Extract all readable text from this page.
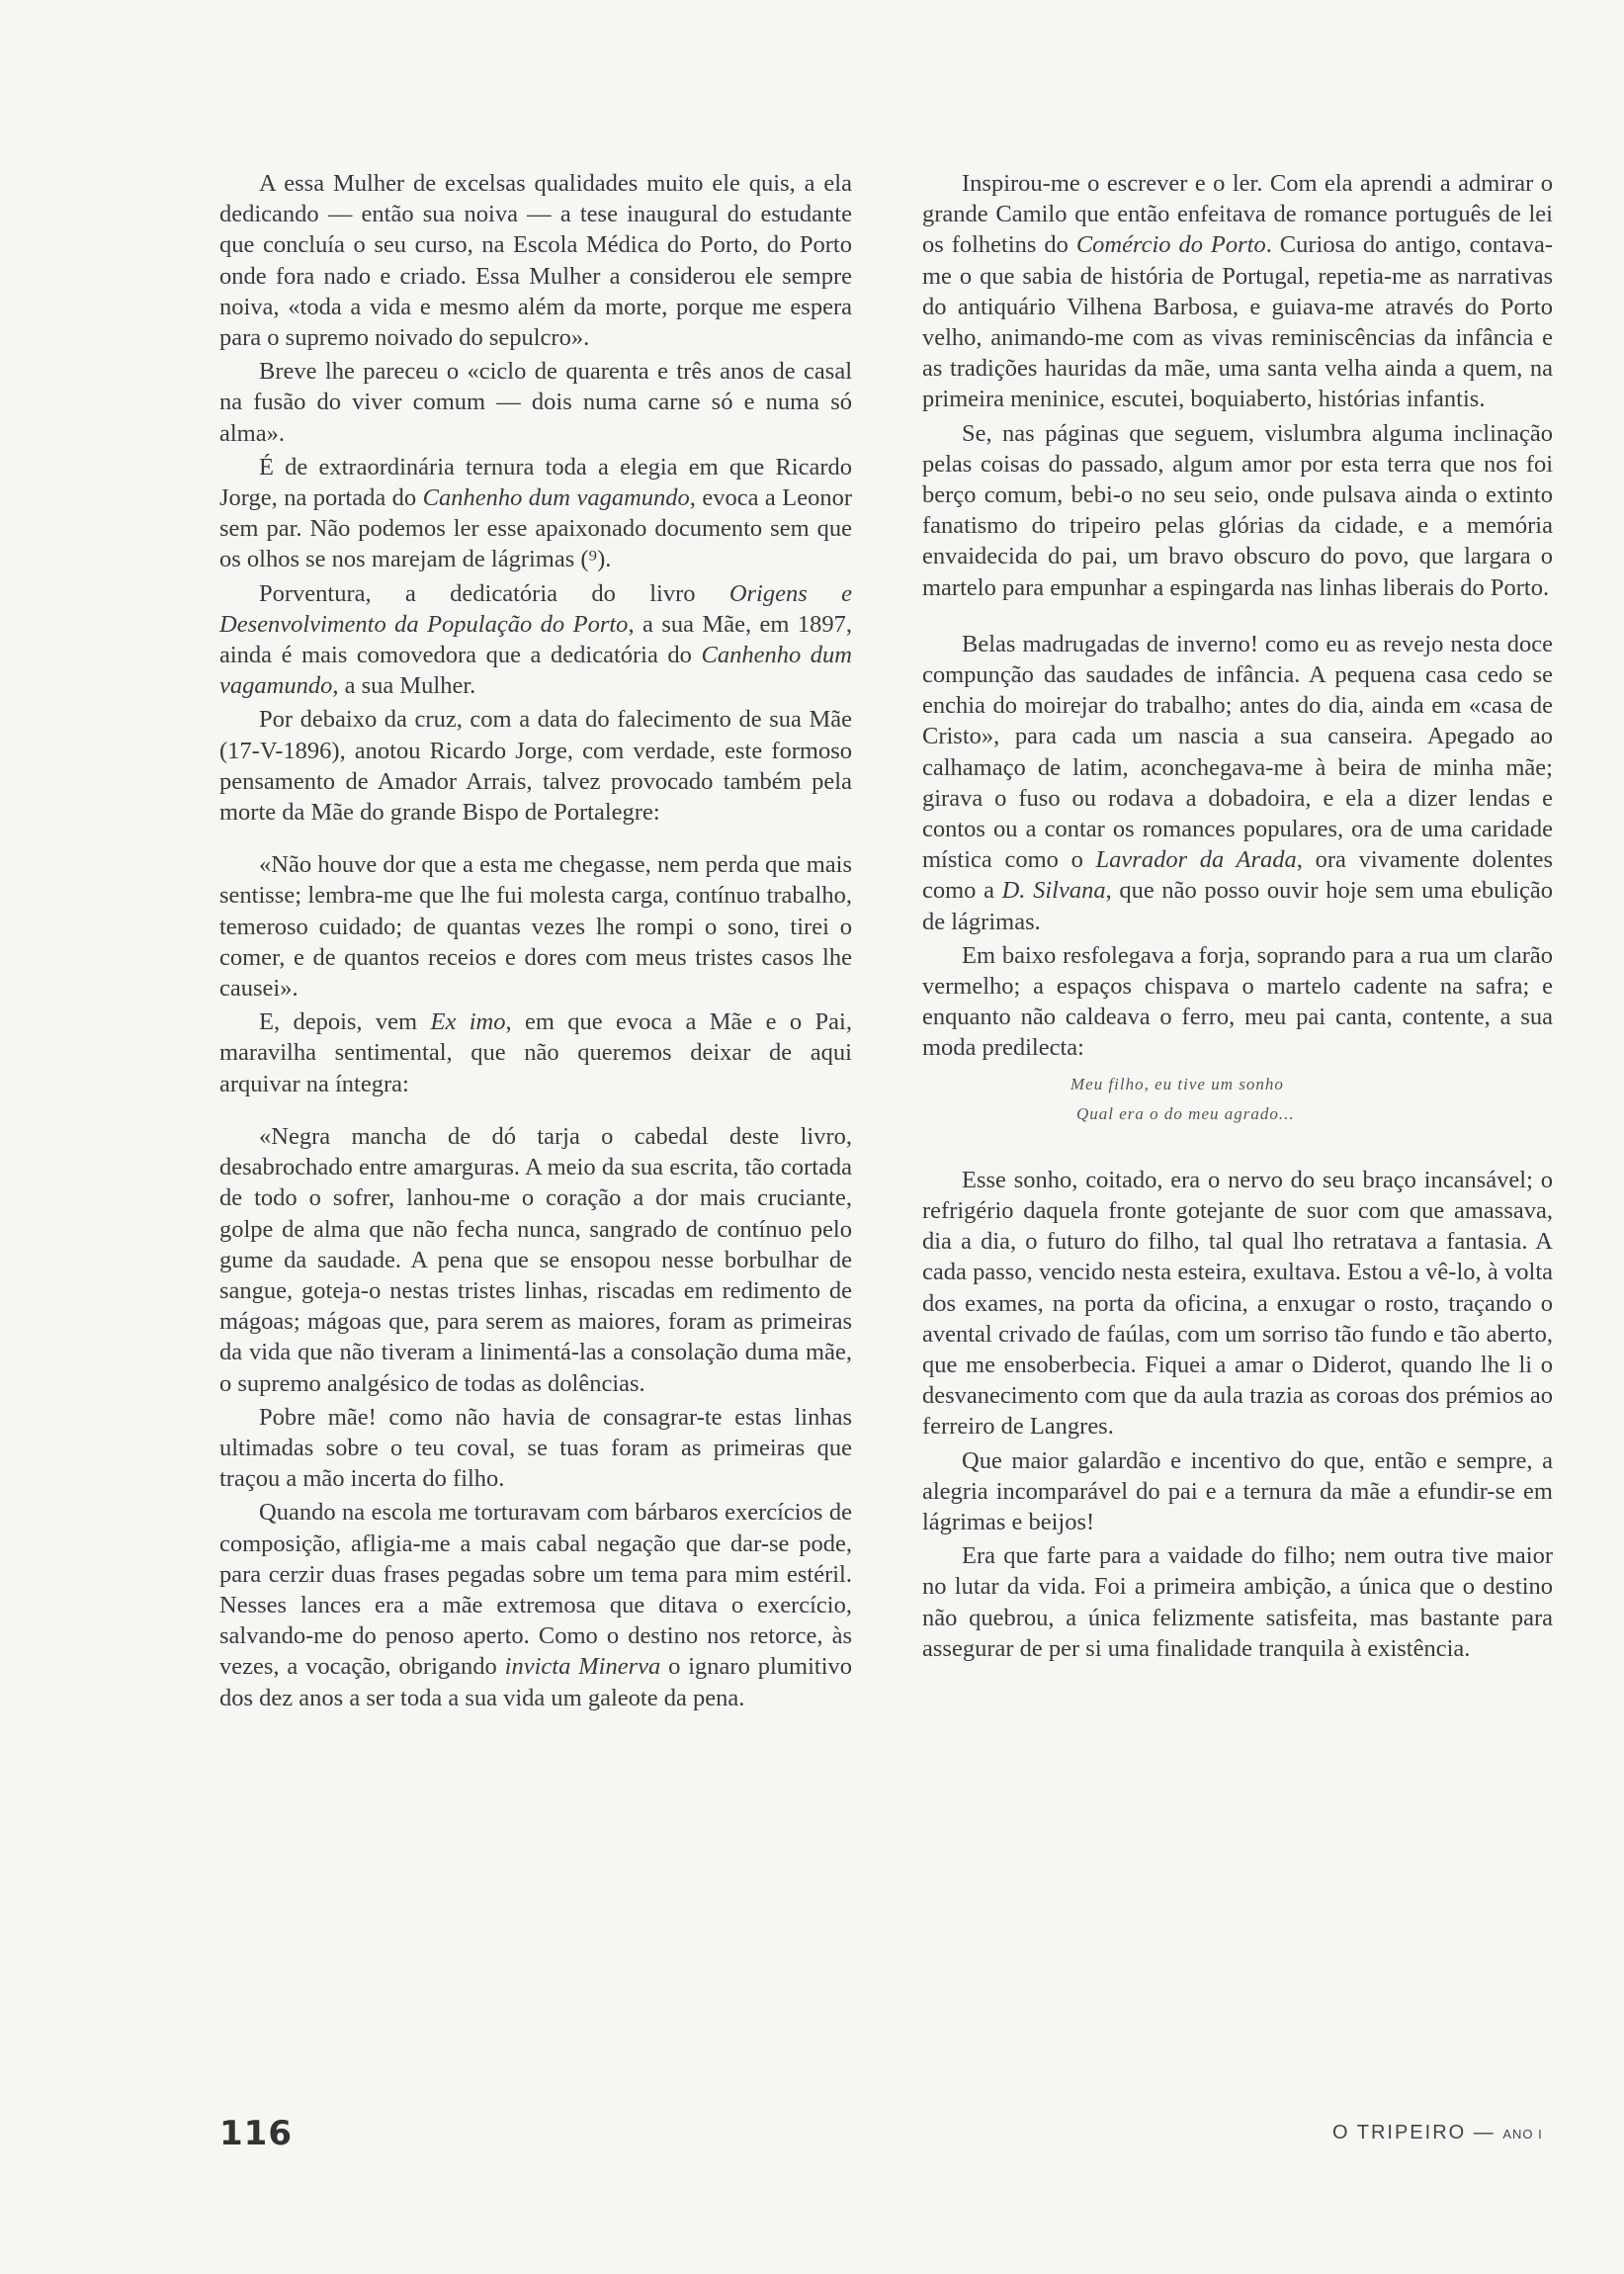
A essa Mulher de excelsas qualidades muito ele quis, a ela dedicando — então sua noiva — a tese inaugural do estudante que concluía o seu curso, na Escola Médica do Porto, do Porto onde fora nado e criado. Essa Mulher a considerou ele sempre noiva, «toda a vida e mesmo além da morte, porque me espera para o supremo noivado do sepulcro».

Breve lhe pareceu o «ciclo de quarenta e três anos de casal na fusão do viver comum — dois numa carne só e numa só alma».

É de extraordinária ternura toda a elegia em que Ricardo Jorge, na portada do Canhenho dum vagamundo, evoca a Leonor sem par. Não podemos ler esse apaixonado documento sem que os olhos se nos marejam de lágrimas (⁹).

Porventura, a dedicatória do livro Origens e Desenvolvimento da População do Porto, a sua Mãe, em 1897, ainda é mais comovedora que a dedicatória do Canhenho dum vagamundo, a sua Mulher.

Por debaixo da cruz, com a data do falecimento de sua Mãe (17-V-1896), anotou Ricardo Jorge, com verdade, este formoso pensamento de Amador Arrais, talvez provocado também pela morte da Mãe do grande Bispo de Portalegre:

«Não houve dor que a esta me chegasse, nem perda que mais sentisse; lembra-me que lhe fui molesta carga, contínuo trabalho, temeroso cuidado; de quantas vezes lhe rompi o sono, tirei o comer, e de quantos receios e dores com meus tristes casos lhe causei».

E, depois, vem Ex imo, em que evoca a Mãe e o Pai, maravilha sentimental, que não queremos deixar de aqui arquivar na íntegra:

«Negra mancha de dó tarja o cabedal deste livro, desabrochado entre amarguras. A meio da sua escrita, tão cortada de todo o sofrer, lanhou-me o coração a dor mais cruciante, golpe de alma que não fecha nunca, sangrado de contínuo pelo gume da saudade. A pena que se ensopou nesse borbulhar de sangue, goteja-o nestas tristes linhas, riscadas em redimento de mágoas; mágoas que, para serem as maiores, foram as primeiras da vida que não tiveram a linimentá-las a consolação duma mãe, o supremo analgésico de todas as dolências.

Pobre mãe! como não havia de consagrar-te estas linhas ultimadas sobre o teu coval, se tuas foram as primeiras que traçou a mão incerta do filho.

Quando na escola me torturavam com bárbaros exercícios de composição, afligia-me a mais cabal negação que dar-se pode, para cerzir duas frases pegadas sobre um tema para mim estéril. Nesses lances era a mãe extremosa que ditava o exercício, salvando-me do penoso aperto. Como o destino nos retorce, às vezes, a vocação, obrigando invicta Minerva o ignaro plumitivo dos dez anos a ser toda a sua vida um galeote da pena.

Inspirou-me o escrever e o ler. Com ela aprendi a admirar o grande Camilo que então enfeitava de romance português de lei os folhetins do Comércio do Porto. Curiosa do antigo, contava-me o que sabia de história de Portugal, repetia-me as narrativas do antiquário Vilhena Barbosa, e guiava-me através do Porto velho, animando-me com as vivas reminiscências da infância e as tradições hauridas da mãe, uma santa velha ainda a quem, na primeira meninice, escutei, boquiaberto, histórias infantis.

Se, nas páginas que seguem, vislumbra alguma inclinação pelas coisas do passado, algum amor por esta terra que nos foi berço comum, bebi-o no seu seio, onde pulsava ainda o extinto fanatismo do tripeiro pelas glórias da cidade, e a memória envaidecida do pai, um bravo obscuro do povo, que largara o martelo para empunhar a espingarda nas linhas liberais do Porto.

Belas madrugadas de inverno! como eu as revejo nesta doce compunção das saudades de infância. A pequena casa cedo se enchia do moirejar do trabalho; antes do dia, ainda em «casa de Cristo», para cada um nascia a sua canseira. Apegado ao calhamaço de latim, aconchegava-me à beira de minha mãe; girava o fuso ou rodava a dobadoira, e ela a dizer lendas e contos ou a contar os romances populares, ora de uma caridade mística como o Lavrador da Arada, ora vivamente dolentes como a D. Silvana, que não posso ouvir hoje sem uma ebulição de lágrimas.

Em baixo resfolegava a forja, soprando para a rua um clarão vermelho; a espaços chispava o martelo cadente na safra; e enquanto não caldeava o ferro, meu pai canta, contente, a sua moda predilecta:

Meu filho, eu tive um sonho
Qual era o do meu agrado...

Esse sonho, coitado, era o nervo do seu braço incansável; o refrigério daquela fronte gotejante de suor com que amassava, dia a dia, o futuro do filho, tal qual lho retratava a fantasia. A cada passo, vencido nesta esteira, exultava. Estou a vê-lo, à volta dos exames, na porta da oficina, a enxugar o rosto, traçando o avental crivado de faúlas, com um sorriso tão fundo e tão aberto, que me ensoberbecia. Fiquei a amar o Diderot, quando lhe li o desvanecimento com que da aula trazia as coroas dos prémios ao ferreiro de Langres.

Que maior galardão e incentivo do que, então e sempre, a alegria incomparável do pai e a ternura da mãe a efundir-se em lágrimas e beijos!

Era que farte para a vaidade do filho; nem outra tive maior no lutar da vida. Foi a primeira ambição, a única que o destino não quebrou, a única felizmente satisfeita, mas bastante para assegurar de per si uma finalidade tranquila à existência.

116	O TRIPEIRO — ANO I
